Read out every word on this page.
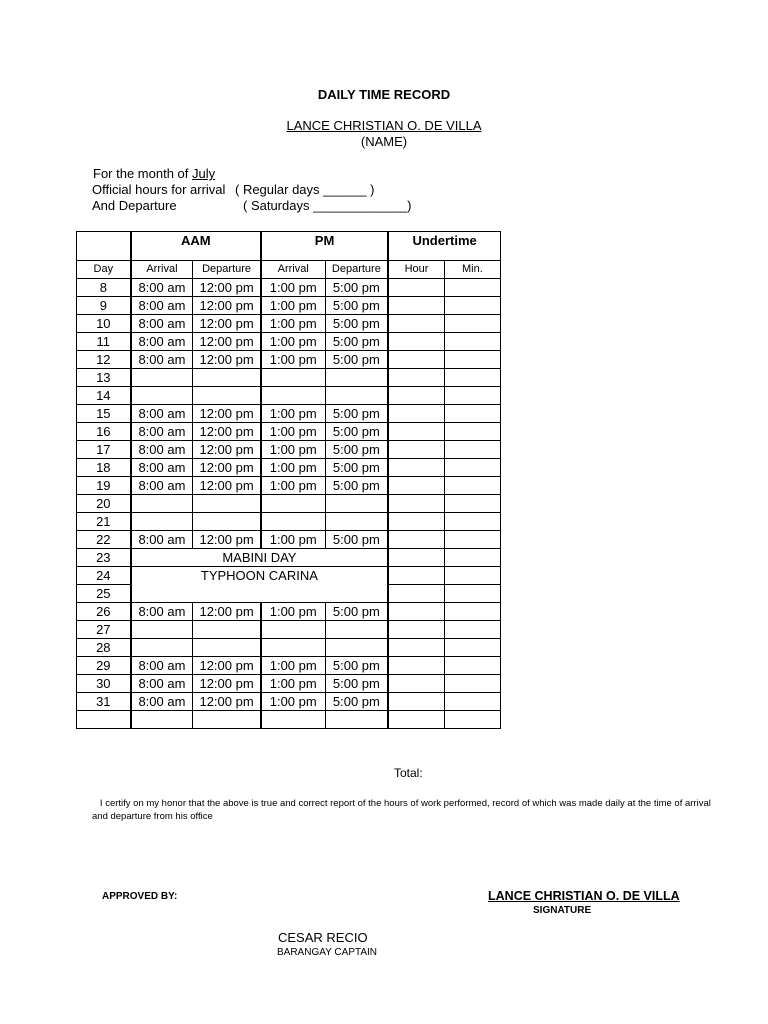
DAILY TIME RECORD
LANCE CHRISTIAN O. DE VILLA
(NAME)
For the month of July
Official hours for arrival ( Regular days ______ )
And Departure	( Saturdays _____________)
	AAM		PM		Undertime	
Day	Arrival	Departure	Arrival	Departure	Hour	Min.
8	8:00 am	12:00 pm	1:00 pm	5:00 pm		
9	8:00 am	12:00 pm	1:00 pm	5:00 pm		
10	8:00 am	12:00 pm	1:00 pm	5:00 pm		
11	8:00 am	12:00 pm	1:00 pm	5:00 pm		
12	8:00 am	12:00 pm	1:00 pm	5:00 pm		
13						
14						
15	8:00 am	12:00 pm	1:00 pm	5:00 pm		
16	8:00 am	12:00 pm	1:00 pm	5:00 pm		
17	8:00 am	12:00 pm	1:00 pm	5:00 pm		
18	8:00 am	12:00 pm	1:00 pm	5:00 pm		
19	8:00 am	12:00 pm	1:00 pm	5:00 pm		
20						
21						
22	8:00 am	12:00 pm	1:00 pm	5:00 pm		
23	MABINI DAY					
24	TYPHOON CARINA					
25						
26	8:00 am	12:00 pm	1:00 pm	5:00 pm		
27						
28						
29	8:00 am	12:00 pm	1:00 pm	5:00 pm		
30	8:00 am	12:00 pm	1:00 pm	5:00 pm		
31	8:00 am	12:00 pm	1:00 pm	5:00 pm		

Total:
I certify on my honor that the above is true and correct report of the hours of work performed, record of which was made daily at the time of arrival and departure from his office
APPROVED BY:	LANCE CHRISTIAN O. DE VILLA
SIGNATURE
CESAR RECIO
BARANGAY CAPTAIN
